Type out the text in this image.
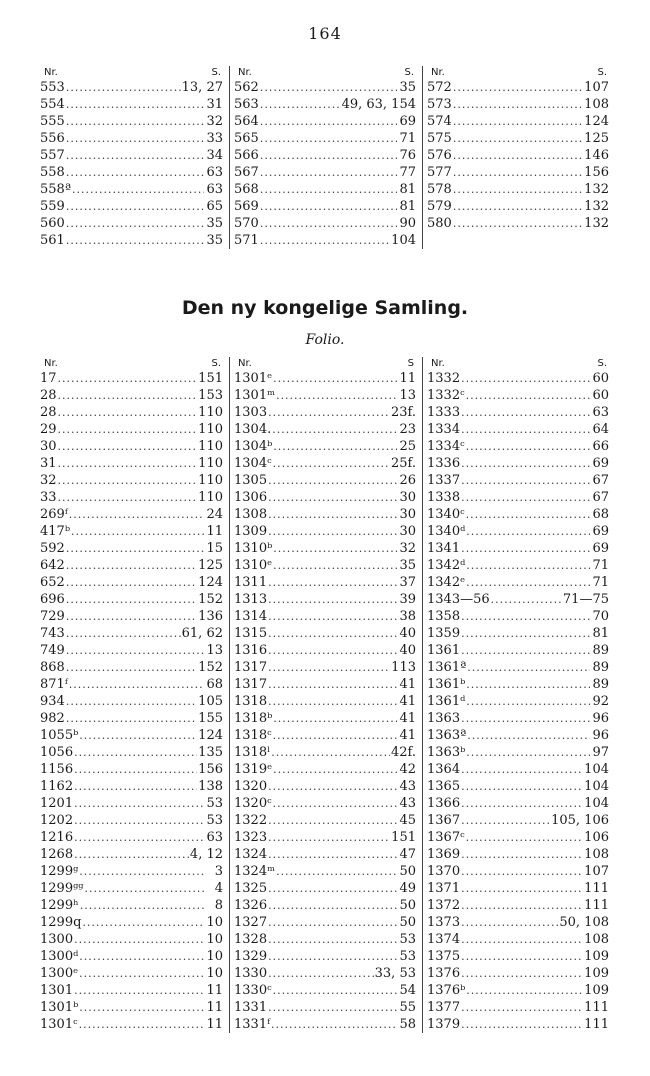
164
Nr.	S.
553 .....	13, 27
554 .....	31
555 .....	32
556 .....	33
557 .....	34
558 .....	63
558ª .....	63
559 .....	65
560 .....	35
561 .....	35
Nr.	S.
562 .....	35
563 .....	49, 63, 154
564 .....	69
565 .....	71
566 .....	76
567 .....	77
568 .....	81
569 .....	81
570 .....	90
571 .....	104
Nr.	S.
572 .....	107
573 .....	108
574 .....	124
575 .....	125
576 .....	146
577 .....	156
578 .....	132
579 .....	132
580 .....	132
Den ny kongelige Samling.
Folio.
Nr.	S.
17 .....	151
28 .....	153
28 .....	110
29 .....	110
30 .....	110
31 .....	110
32 .....	110
33 .....	110
269ᶠ .....	24
417ᵇ .....	11
592 .....	15
642 .....	125
652 .....	124
696 .....	152
729 .....	136
743 .....	61, 62
749 .....	13
868 .....	152
871ᶠ .....	68
934 .....	105
982 .....	155
1055ᵇ .....	124
1056 .....	135
1156 .....	156
1162 .....	138
1201 .....	53
1202 .....	53
1216 .....	63
1268 .....	4, 12
1299ᵍ .....	3
1299ᵍᵍ .....	4
1299ʰ .....	8
1299q .....	10
1300 .....	10
1300ᵈ .....	10
1300ᵉ .....	10
1301 .....	11
1301ᵇ .....	11
1301ᶜ .....	11
Nr.	S
1301ᵉ .....	11
1301ᵐ .....	13
1303 .....	23f.
1304. .....	23
1304ᵇ .....	25
1304ᶜ .....	25f.
1305 .....	26
1306 .....	30
1308 .....	30
1309 .....	30
1310ᵇ .....	32
1310ᵉ .....	35
1311 .....	37
1313 .....	39
1314 .....	38
1315 .....	40
1316 .....	40
1317 .....	113
1317 .....	41
1318 .....	41
1318ᵇ .....	41
1318ᶜ .....	41
1318ˡ .....	42f.
1319ᵉ .....	42
1320 .....	43
1320ᶜ .....	43
1322 .....	45
1323 .....	151
1324 .....	47
1324ᵐ .....	50
1325 .....	49
1326 .....	50
1327 .....	50
1328 .....	53
1329 .....	53
1330 .....	33, 53
1330ᶜ .....	54
1331 .....	55
1331ᶠ .....	58
Nr.	S.
1332 .....	60
1332ᶜ .....	60
1333 .....	63
1334 .....	64
1334ᶜ .....	66
1336 .....	69
1337 .....	67
1338 .....	67
1340ᶜ .....	68
1340ᵈ .....	69
1341 .....	69
1342ᵈ .....	71
1342ᵉ .....	71
1343—56 .....	71—75
1358 .....	70
1359 .....	81
1361 .....	89
1361ª .....	89
1361ᵇ .....	89
1361ᵈ .....	92
1363 .....	96
1363ª .....	96
1363ᵇ .....	97
1364 .....	104
1365 .....	104
1366 .....	104
1367 .....	105, 106
1367ᶜ .....	106
1369 .....	108
1370 .....	107
1371 .....	111
1372 .....	111
1373 .....	50, 108
1374 .....	108
1375 .....	109
1376 .....	109
1376ᵇ .....	109
1377 .....	111
1379 .....	111
